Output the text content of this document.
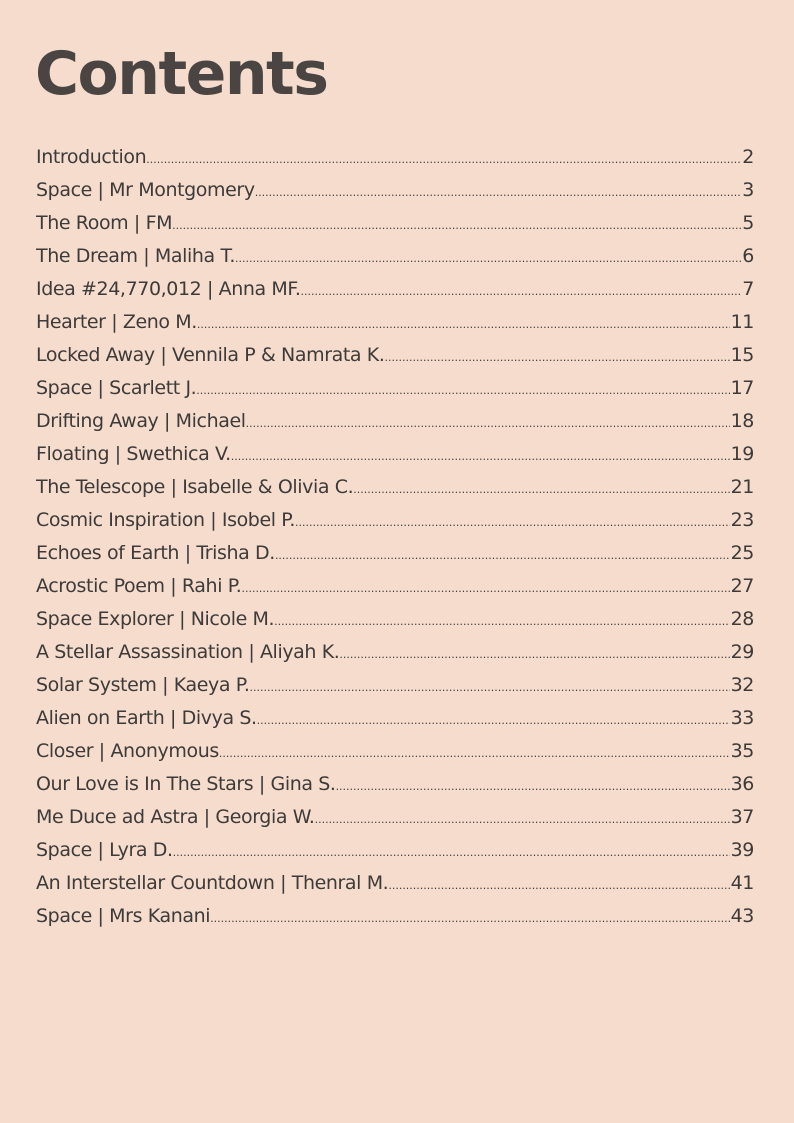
Contents
Introduction .....	2
Space | Mr Montgomery .....	3
The Room | FM .....	5
The Dream | Maliha T. .....	6
Idea #24,770,012 | Anna MF. .....	7
Hearter | Zeno M. .....	11
Locked Away | Vennila P & Namrata K. .....	15
Space | Scarlett J. .....	17
Drifting Away | Michael .....	18
Floating | Swethica V. .....	19
The Telescope | Isabelle & Olivia C. .....	21
Cosmic Inspiration | Isobel P. .....	23
Echoes of Earth | Trisha D. .....	25
Acrostic Poem | Rahi P. .....	27
Space Explorer | Nicole M. .....	28
A Stellar Assassination | Aliyah K. .....	29
Solar System | Kaeya P. .....	32
Alien on Earth | Divya S. .....	33
Closer | Anonymous .....	35
Our Love is In The Stars | Gina S. .....	36
Me Duce ad Astra | Georgia W. .....	37
Space | Lyra D. .....	39
An Interstellar Countdown | Thenral M. .....	41
Space | Mrs Kanani .....	43
